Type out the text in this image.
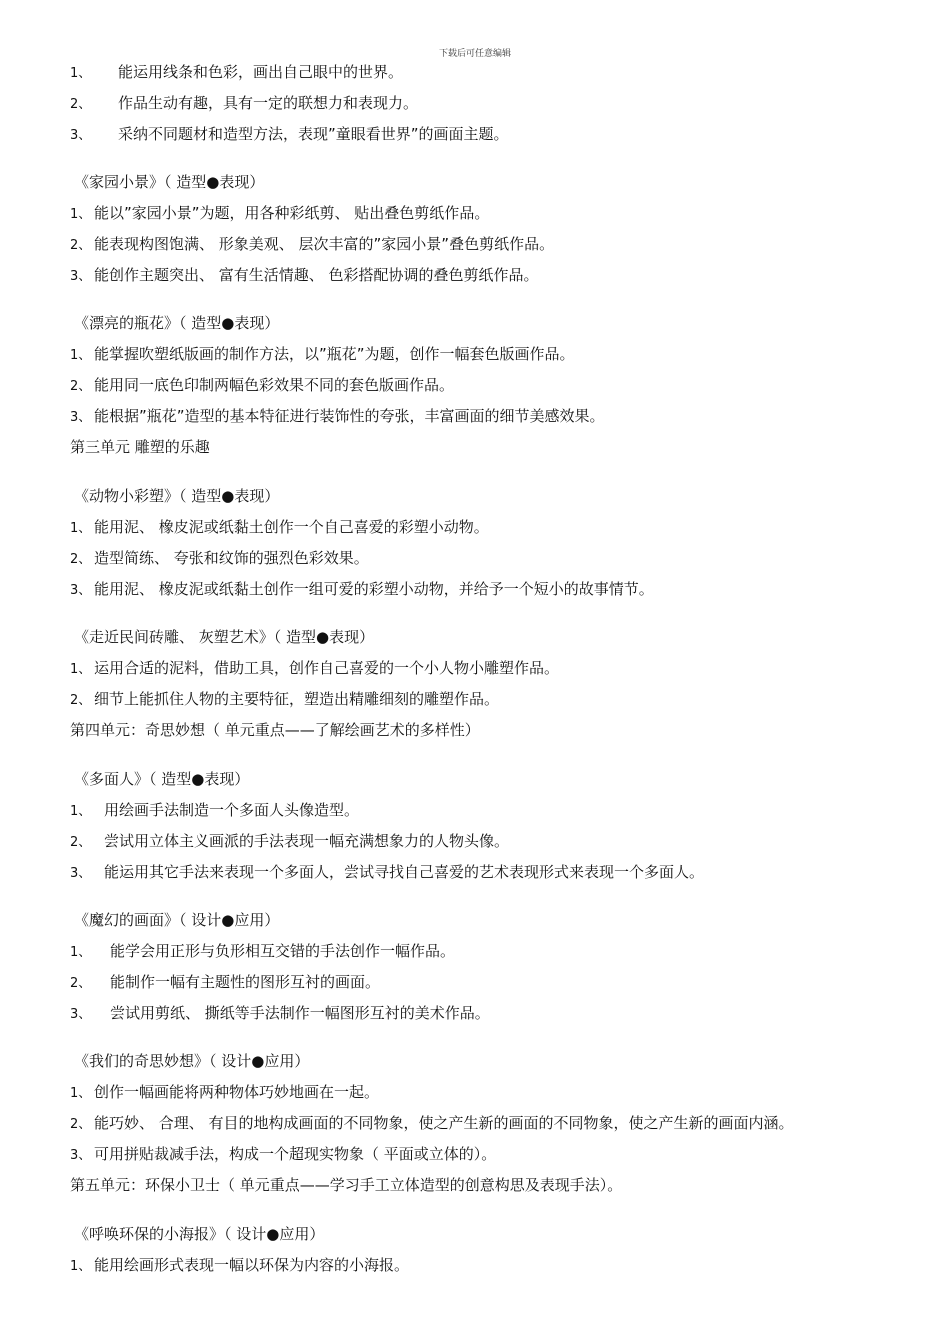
下载后可任意编辑
1、 能运用线条和色彩，画出自己眼中的世界。
2、 作品生动有趣，具有一定的联想力和表现力。
3、 采纳不同题材和造型方法，表现”童眼看世界”的画面主题。
《家园小景》（ 造型●表现）
1、 能以”家园小景”为题，用各种彩纸剪、 贴出叠色剪纸作品。
2、 能表现构图饱满、 形象美观、 层次丰富的”家园小景”叠色剪纸作品。
3、 能创作主题突出、 富有生活情趣、 色彩搭配协调的叠色剪纸作品。
《漂亮的瓶花》（ 造型●表现）
1、 能掌握吹塑纸版画的制作方法，以”瓶花”为题，创作一幅套色版画作品。
2、 能用同一底色印制两幅色彩效果不同的套色版画作品。
3、 能根据”瓶花”造型的基本特征进行装饰性的夸张，丰富画面的细节美感效果。
第三单元 雕塑的乐趣
《动物小彩塑》（ 造型●表现）
1、 能用泥、 橡皮泥或纸黏土创作一个自己喜爱的彩塑小动物。
2、 造型简练、 夸张和纹饰的强烈色彩效果。
3、 能用泥、 橡皮泥或纸黏土创作一组可爱的彩塑小动物，并给予一个短小的故事情节。
《走近民间砖雕、 灰塑艺术》（ 造型●表现）
1、 运用合适的泥料，借助工具，创作自己喜爱的一个小人物小雕塑作品。
2、 细节上能抓住人物的主要特征，塑造出精雕细刻的雕塑作品。
第四单元：奇思妙想（ 单元重点——了解绘画艺术的多样性）
《多面人》（ 造型●表现）
1、 用绘画手法制造一个多面人头像造型。
2、 尝试用立体主义画派的手法表现一幅充满想象力的人物头像。
3、 能运用其它手法来表现一个多面人，尝试寻找自己喜爱的艺术表现形式来表现一个多面人。
《魔幻的画面》（ 设计●应用）
1、 能学会用正形与负形相互交错的手法创作一幅作品。
2、 能制作一幅有主题性的图形互衬的画面。
3、 尝试用剪纸、 撕纸等手法制作一幅图形互衬的美术作品。
《我们的奇思妙想》（ 设计●应用）
1、 创作一幅画能将两种物体巧妙地画在一起。
2、 能巧妙、 合理、 有目的地构成画面的不同物象，使之产生新的画面的不同物象，使之产生新的画面内涵。
3、 可用拼贴裁减手法，构成一个超现实物象（ 平面或立体的）。
第五单元：环保小卫士（ 单元重点——学习手工立体造型的创意构思及表现手法）。
《呼唤环保的小海报》（ 设计●应用）
1、 能用绘画形式表现一幅以环保为内容的小海报。
